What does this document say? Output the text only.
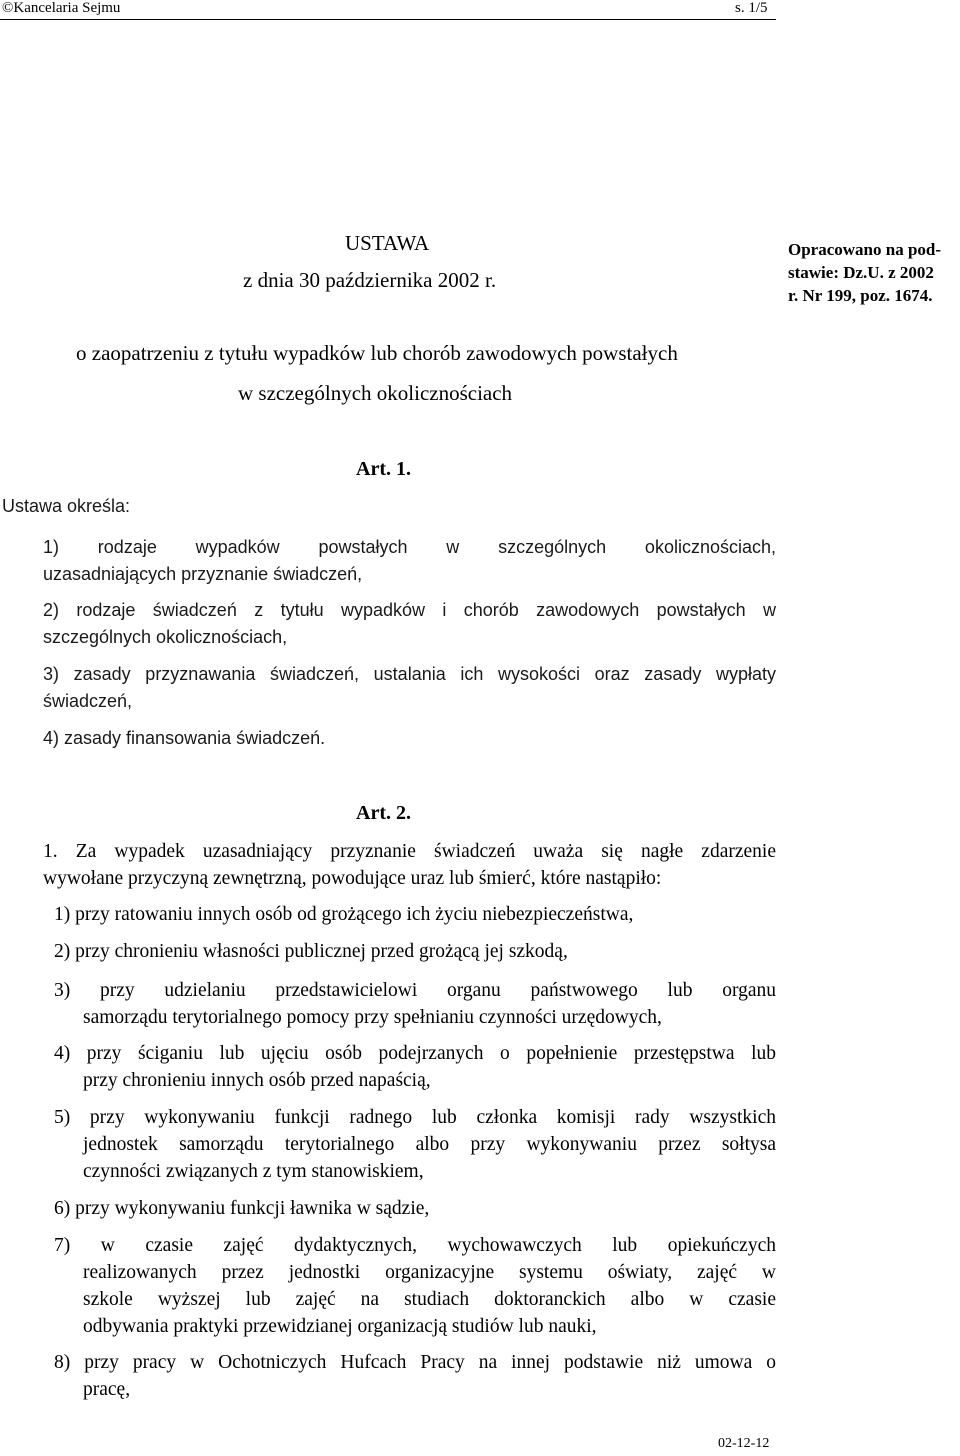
©Kancelaria Sejmu	s. 1/5
USTAWA
z dnia 30 października 2002 r.
Opracowano na pod-
stawie: Dz.U. z 2002
r. Nr 199, poz. 1674.
o zaopatrzeniu z tytułu wypadków lub chorób zawodowych powstałych
w szczególnych okolicznościach
Art. 1.
Ustawa określa:
1) rodzaje wypadków powstałych w szczególnych okolicznościach,
uzasadniających przyznanie świadczeń,
2) rodzaje świadczeń z tytułu wypadków i chorób zawodowych powstałych w
szczególnych okolicznościach,
3) zasady przyznawania świadczeń, ustalania ich wysokości oraz zasady wypłaty
świadczeń,
4) zasady finansowania świadczeń.
Art. 2.
1. Za wypadek uzasadniający przyznanie świadczeń uważa się nagłe zdarzenie
wywołane przyczyną zewnętrzną, powodujące uraz lub śmierć, które nastąpiło:
1) przy ratowaniu innych osób od grożącego ich życiu niebezpieczeństwa,
2) przy chronieniu własności publicznej przed grożącą jej szkodą,
3) przy udzielaniu przedstawicielowi organu państwowego lub organu
samorządu terytorialnego pomocy przy spełnianiu czynności urzędowych,
4) przy ściganiu lub ujęciu osób podejrzanych o popełnienie przestępstwa lub
przy chronieniu innych osób przed napaścią,
5) przy wykonywaniu funkcji radnego lub członka komisji rady wszystkich
jednostek samorządu terytorialnego albo przy wykonywaniu przez sołtysa
czynności związanych z tym stanowiskiem,
6) przy wykonywaniu funkcji ławnika w sądzie,
7) w czasie zajęć dydaktycznych, wychowawczych lub opiekuńczych
realizowanych przez jednostki organizacyjne systemu oświaty, zajęć w
szkole wyższej lub zajęć na studiach doktoranckich albo w czasie
odbywania praktyki przewidzianej organizacją studiów lub nauki,
8) przy pracy w Ochotniczych Hufcach Pracy na innej podstawie niż umowa o
pracę,
02-12-12
